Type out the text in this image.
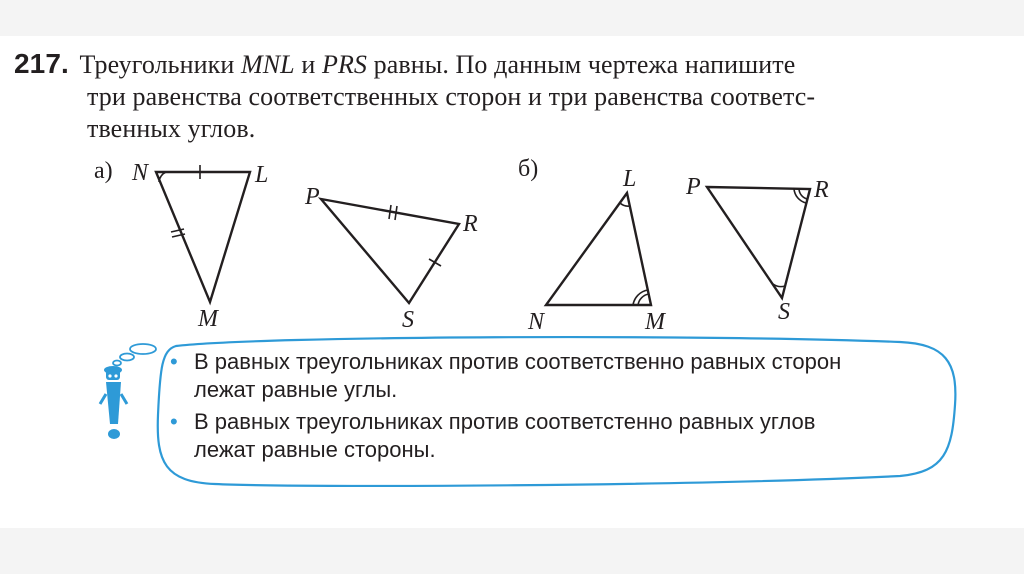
217. Треугольники MNL и PRS равны. По данным чертежа напишите
три равенства соответственных сторон и три равенства соответс-
твенных углов.
а) N	L
M
P
R
S
б)	L
N	M
P	R
S
• В равных треугольниках против соответственно равных сторон
лежат равные углы.
• В равных треугольниках против соответстенно равных углов
лежат равные стороны.
